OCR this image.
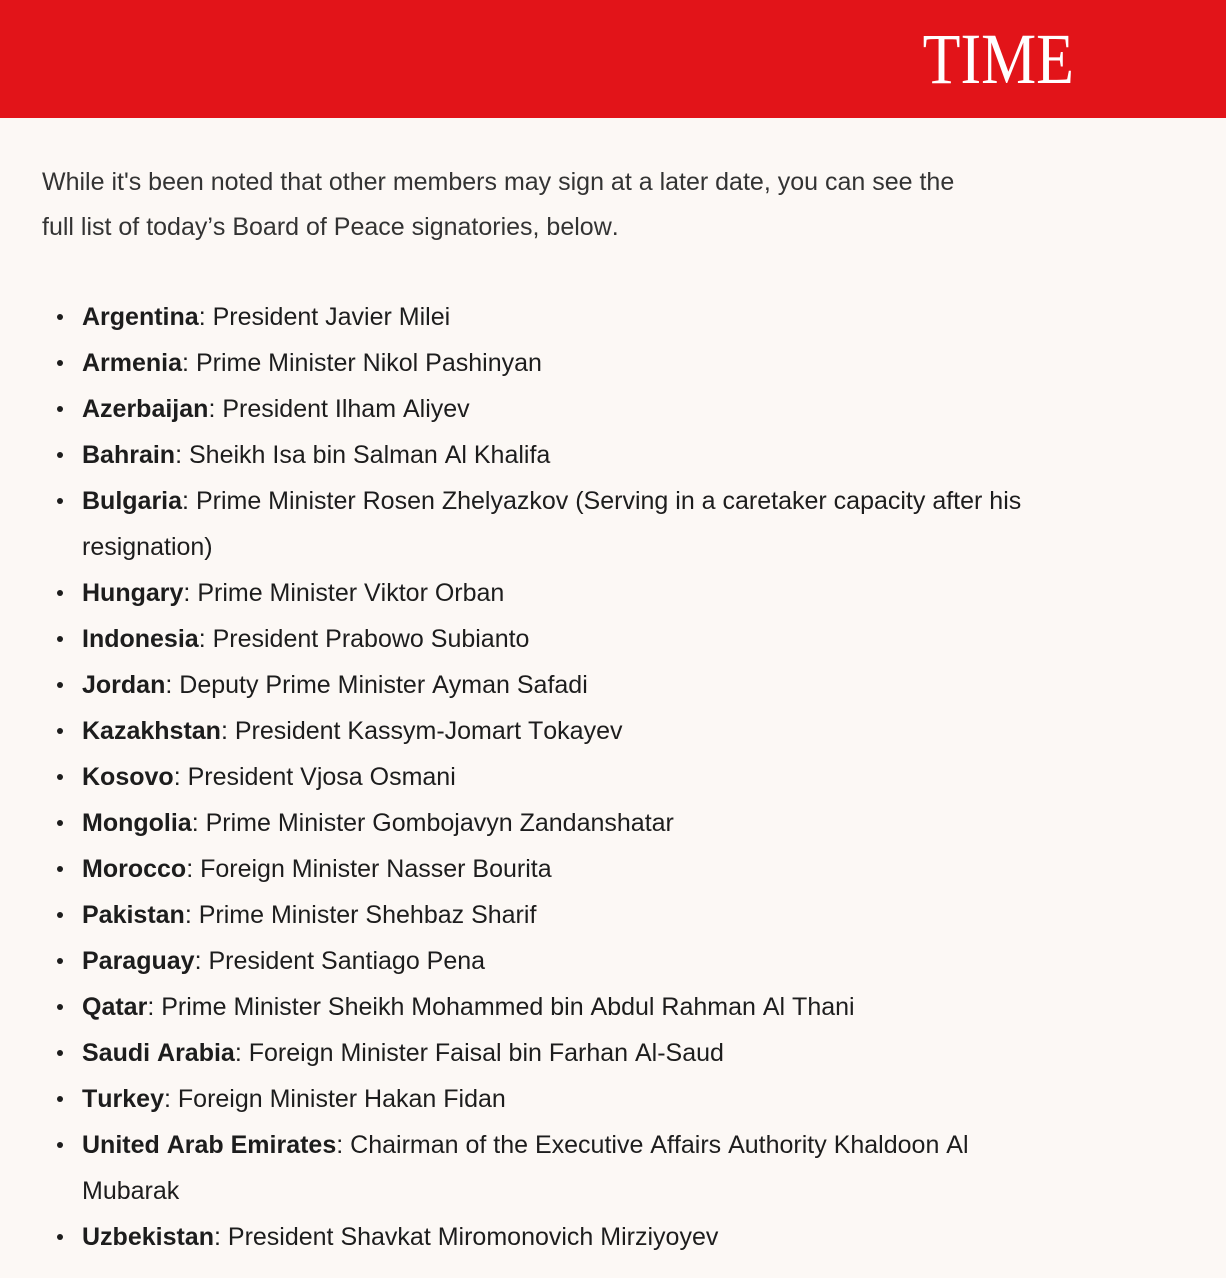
TIME

While it's been noted that other members may sign at a later date, you can see the full list of today’s Board of Peace signatories, below.

Argentina: President Javier Milei
Armenia: Prime Minister Nikol Pashinyan
Azerbaijan: President Ilham Aliyev
Bahrain: Sheikh Isa bin Salman Al Khalifa
Bulgaria: Prime Minister Rosen Zhelyazkov (Serving in a caretaker capacity after his resignation)
Hungary: Prime Minister Viktor Orban
Indonesia: President Prabowo Subianto
Jordan: Deputy Prime Minister Ayman Safadi
Kazakhstan: President Kassym-Jomart Tokayev
Kosovo: President Vjosa Osmani
Mongolia: Prime Minister Gombojavyn Zandanshatar
Morocco: Foreign Minister Nasser Bourita
Pakistan: Prime Minister Shehbaz Sharif
Paraguay: President Santiago Pena
Qatar: Prime Minister Sheikh Mohammed bin Abdul Rahman Al Thani
Saudi Arabia: Foreign Minister Faisal bin Farhan Al-Saud
Turkey: Foreign Minister Hakan Fidan
United Arab Emirates: Chairman of the Executive Affairs Authority Khaldoon Al Mubarak
Uzbekistan: President Shavkat Miromonovich Mirziyoyev
